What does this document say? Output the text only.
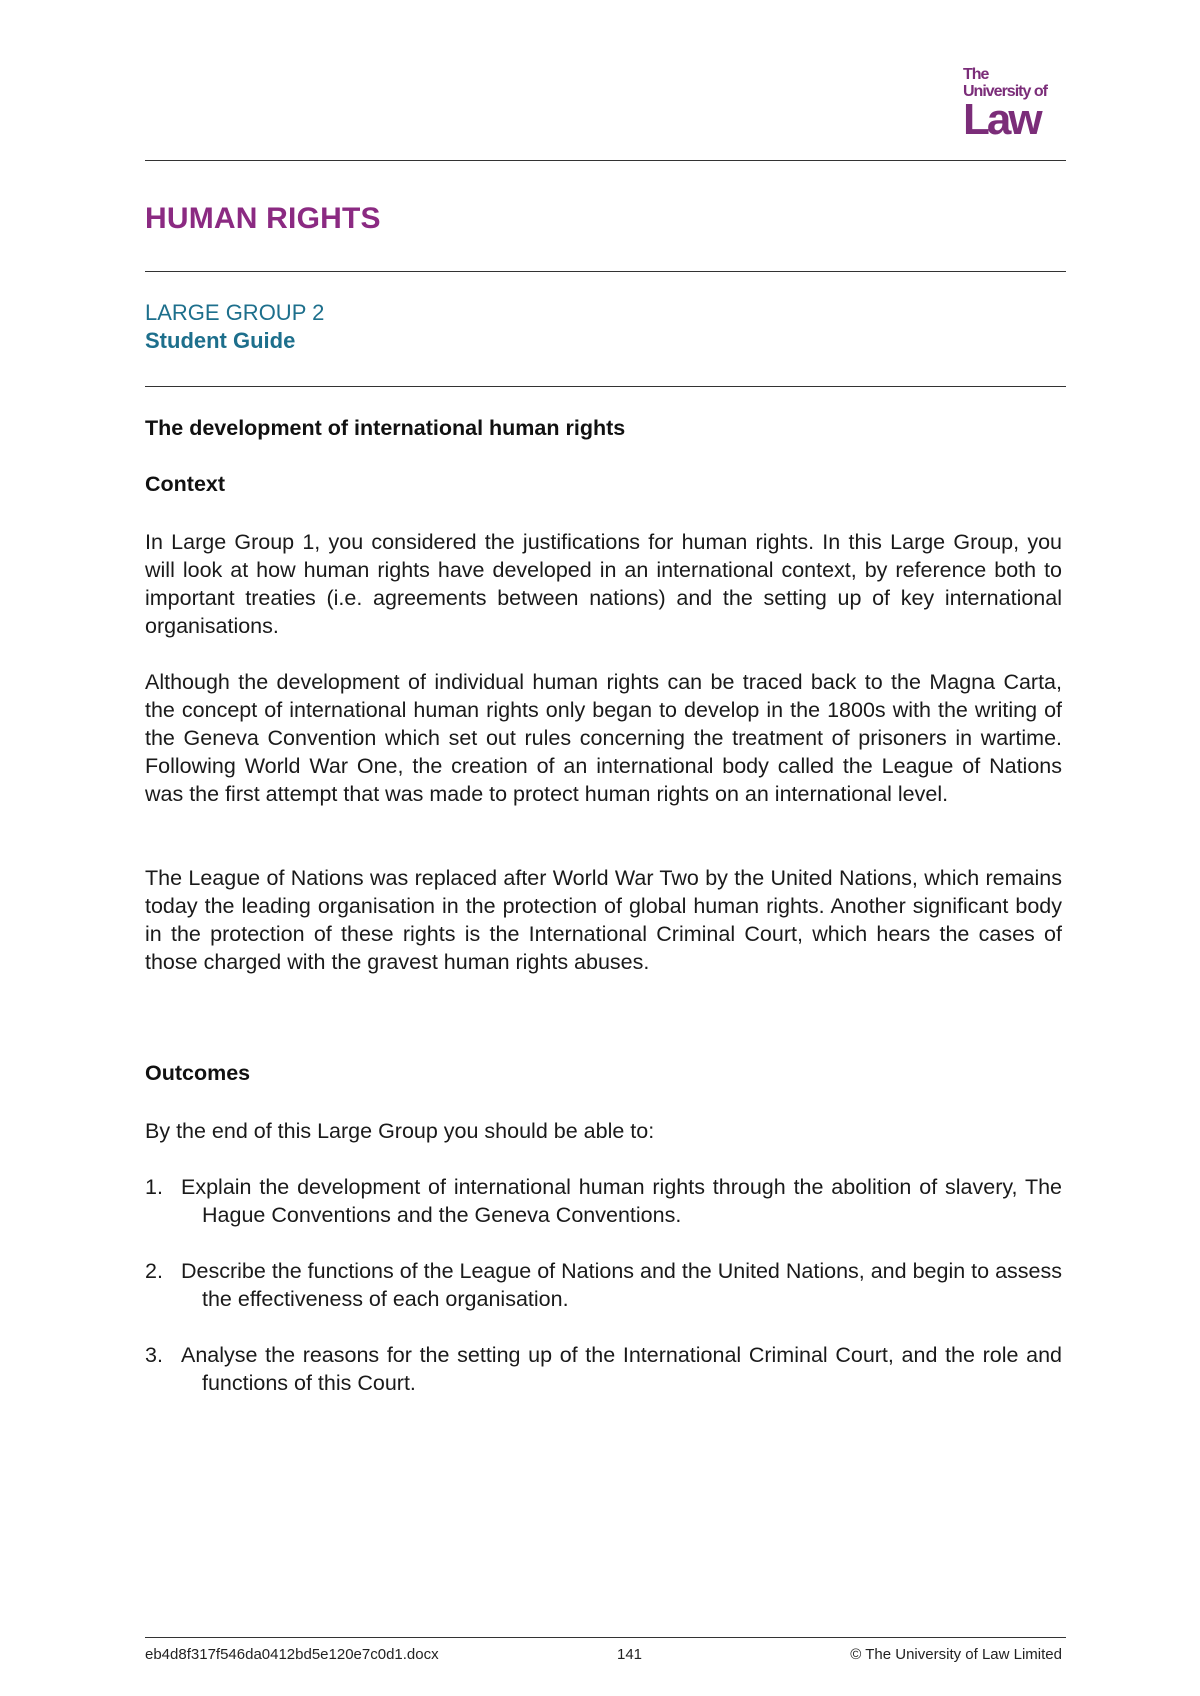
The
University of
Law
HUMAN RIGHTS
LARGE GROUP 2
Student Guide
The development of international human rights
Context

In Large Group 1, you considered the justifications for human rights. In this Large Group, you will look at how human rights have developed in an international context, by reference both to important treaties (i.e. agreements between nations) and the setting up of key international organisations.

Although the development of individual human rights can be traced back to the Magna Carta, the concept of international human rights only began to develop in the 1800s with the writing of the Geneva Convention which set out rules concerning the treatment of prisoners in wartime. Following World War One, the creation of an international body called the League of Nations was the first attempt that was made to protect human rights on an international level.

The League of Nations was replaced after World War Two by the United Nations, which remains today the leading organisation in the protection of global human rights. Another significant body in the protection of these rights is the International Criminal Court, which hears the cases of those charged with the gravest human rights abuses.

Outcomes

By the end of this Large Group you should be able to:

1. Explain the development of international human rights through the abolition of slavery, The Hague Conventions and the Geneva Conventions.

2. Describe the functions of the League of Nations and the United Nations, and begin to assess the effectiveness of each organisation.

3. Analyse the reasons for the setting up of the International Criminal Court, and the role and functions of this Court.

eb4d8f317f546da0412bd5e120e7c0d1.docx	141	© The University of Law Limited
